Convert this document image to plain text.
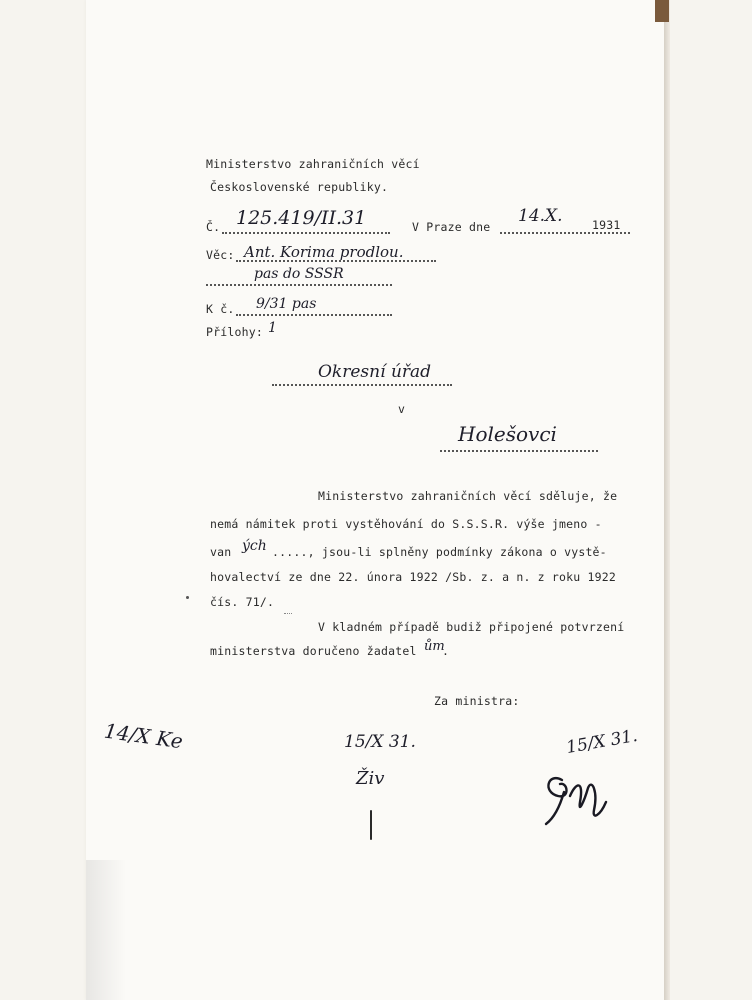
Ministerstvo zahraničních věcí
Československé republiky.
Č. 125.419/II.31	V Praze dne
14.X.	1931
Věc: Ant. Korima prodlou.
pas do SSSR
K č. 9/31 pas
Přílohy: 1
Okresní úřad
v
Holešovci
Ministerstvo zahraničních věcí sděluje, že
nemá námitek proti vystěhování do S.S.S.R. výše jmeno -
van ých ....., jsou-li splněny podmínky zákona o vystě-
hovalectví ze dne 22. února 1922 /Sb. z. a n. z roku 1922
čís. 71/.
V kladném případě budiž připojené potvrzení
ministerstva doručeno žadatel ům
.
Za ministra:
14/X Ke	15/X 31.
Živ
15/X 31.
